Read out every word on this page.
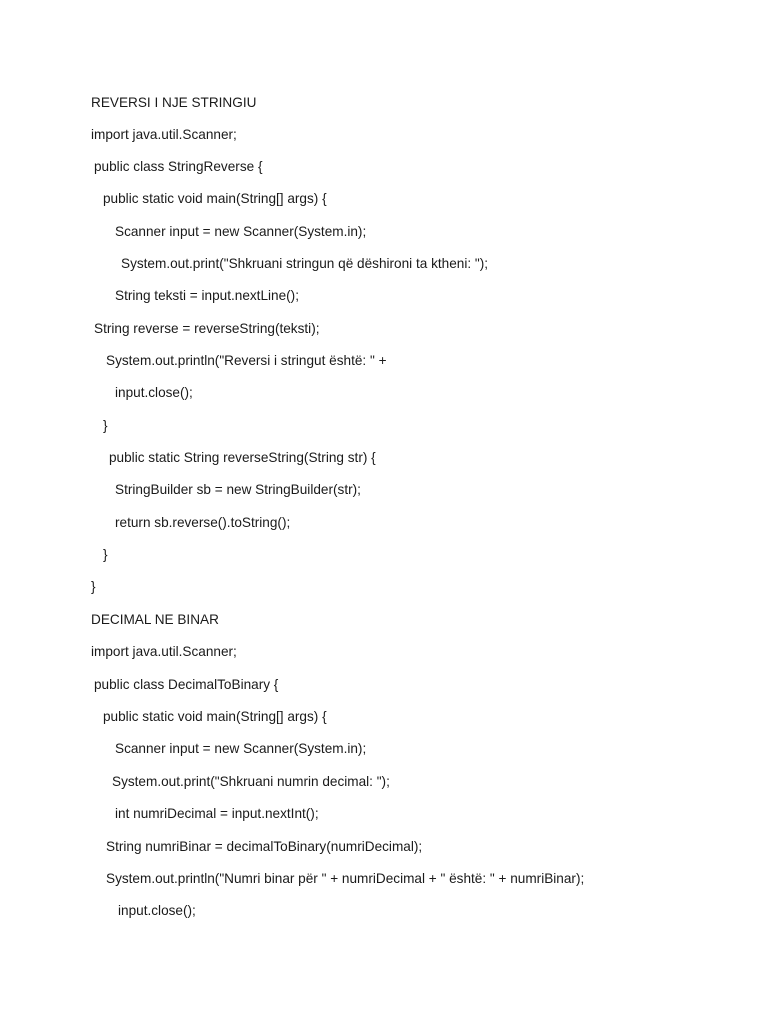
REVERSI I NJE STRINGIU
import java.util.Scanner;
public class StringReverse {
public static void main(String[] args) {
Scanner input = new Scanner(System.in);
System.out.print("Shkruani stringun që dëshironi ta ktheni: ");
String teksti = input.nextLine();
String reverse = reverseString(teksti);
System.out.println("Reversi i stringut është: " +
input.close();
}
public static String reverseString(String str) {
StringBuilder sb = new StringBuilder(str);
return sb.reverse().toString();
}
}
DECIMAL NE BINAR
import java.util.Scanner;
public class DecimalToBinary {
public static void main(String[] args) {
Scanner input = new Scanner(System.in);
System.out.print("Shkruani numrin decimal: ");
int numriDecimal = input.nextInt();
String numriBinar = decimalToBinary(numriDecimal);
System.out.println("Numri binar për " + numriDecimal + " është: " + numriBinar);
input.close();
